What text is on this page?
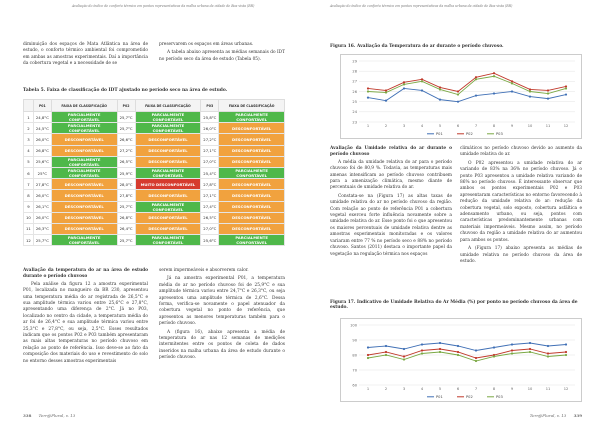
Avaliação do índice de conforto térmico em pontos representativos da malha urbana da cidade de Boa vista (RR)

diminuição dos espaços de Mata Atlântica na área de estudo, o conforto térmico ambiental foi comprometido em ambas as amostras experimentais. Daí a importância da cobertura vegetal e a necessidade de se

preservarem os espaços em áreas urbanas.

A tabela abaixo apresenta as médias semanais do IDT no período seco da área de estudo (Tabela 05).

Tabela 5. Faixa de classificação do IDT ajustado no período seco na área de estudo.
	P01	FAIXA DE CLASSIFICAÇÃO	P02	FAIXA DE CLASSIFICAÇÃO	P03	FAIXA DE CLASSIFICAÇÃO
1	24,8°C	PARCIALMENTE CONFORTÁVEL	25,7°C	PARCIALMENTE CONFORTÁVEL	25,8°C	PARCIALMENTE CONFORTÁVEL
2	24,5°C	PARCIALMENTE CONFORTÁVEL	25,7°C	PARCIALMENTE CONFORTÁVEL	26,0°C	DESCONFORTÁVEL
3	26,0°C	DESCONFORTÁVEL	26,6°C	DESCONFORTÁVEL	27,2°C	DESCONFORTÁVEL
4	26,8°C	DESCONFORTÁVEL	27,2°C	DESCONFORTÁVEL	27,1°C	DESCONFORTÁVEL
5	25,6°C	PARCIALMENTE CONFORTÁVEL	26,5°C	DESCONFORTÁVEL	27,0°C	DESCONFORTÁVEL
6	25°C	PARCIALMENTE CONFORTÁVEL	25,9°C	PARCIALMENTE CONFORTÁVEL	25,4°C	PARCIALMENTE CONFORTÁVEL
7	27,8°C	DESCONFORTÁVEL	28,0°C	MUITO DESCONFORTÁVEL	27,8°C	DESCONFORTÁVEL
8	26,0°C	DESCONFORTÁVEL	27,8°C	DESCONFORTÁVEL	27,1°C	DESCONFORTÁVEL
9	26,1°C	DESCONFORTÁVEL	25,7°C	PARCIALMENTE CONFORTÁVEL	27,4°C	DESCONFORTÁVEL
10	26,0°C	DESCONFORTÁVEL	26,8°C	DESCONFORTÁVEL	26,5°C	DESCONFORTÁVEL
11	26,3°C	DESCONFORTÁVEL	26,4°C	DESCONFORTÁVEL	27,0°C	DESCONFORTÁVEL
12	25,7°C	PARCIALMENTE CONFORTÁVEL	25,7°C	PARCIALMENTE CONFORTÁVEL	25,6°C	PARCIALMENTE CONFORTÁVEL
Avaliação da temperatura do ar na área de estudo durante o período chuvoso

Pela análise da figura 12 a amostra experimental P01, localizada no mangueiro da BR 230, apresentou uma temperatura média do ar registrada de 26,5°C e sua amplitude térmica variou entre 25,6°C e 27,8°C, apresentando uma diferença de 2°C. Já no P03, localizado no centro da cidade, a temperatura média do ar foi de 26,4°C e sua amplitude térmica variou entre 25,3°C e 27,8°C, ou seja, 2,5°C. Esses resultados indicam que os pontos P02 e P03 também apresentaram as mais altas temperaturas no período chuvoso em relação ao ponto de referência. Isso deve-se ao fato da composição dos materiais do uso e revestimento do solo no entorno desses amostras experimentais

serem impermeáveis e absorverem calor.

Já na amostra experimental P01, a temperatura média do ar no período chuvoso foi de 25,9°C e sua amplitude térmica variou entre 24,7°C e 26,3°C, ou seja apresentou uma amplitude térmica de 2,6°C. Dessa forma, verifica-se novamente o papel atenuador da cobertura vegetal no ponto de referência, que apresentou as menores temperaturas também para o período chuvoso.

A (figura 16), abaixo apresenta a média de temperatura do ar nas 12 semanas de medições intermitentes entre os pontos de coleta de dados inseridos na malha urbana da área de estudo durante o período chuvoso.

338 Terr@Plural, v. 13
Avaliação do índice de conforto térmico em pontos representativos da malha urbana da cidade de Boa vista (RR)
Figura 16. Avaliação da Temperatura do ar durante o período chuvoso.
23
24
25
26
27
28
29
1	2	3	4	5	6	7	8	9	10	11	12
P01	P02	P03
Avaliação da Umidade relativa do ar durante o período chuvoso

A média da umidade relativa do ar para o período chuvoso foi de 80,9 %. Todavia, as temperaturas mais amenas intensificam ao período chuvoso contribuem para a amenização climática, mesmo diante de percentuais de umidade relativa do ar.

Constata-se na (Figura 17) as altas taxas de umidade relativa do ar no período chuvoso da região. Com relação ao ponto de referência P01 a cobertura vegetal exerceu forte influência novamente sobre a umidade relativa do ar. Esse ponto foi o que apresentou os maiores percentuais de umidade relativa dentre as amostras experimentais monitoradas e os valores variaram entre 77 % no período seco e 88% no período chuvoso. Santos (2011) destaca o importante papel da vegetação na regulação térmica nos espaços

climáticos no período chuvoso devido ao aumento da umidade relativa do ar.

O P02 apresentou a umidade relativa do ar variando de 83% na 36% no período chuvoso. Já o ponto P03 apresentou a umidade relativa variando de 86% no período chuvoso. É interessante observar que ambos os pontos experimentais P02 e P03 apresentaram características no entorno favorecendo à redução da umidade relativa do ar: redução da cobertura vegetal, solo exposto, cobertura asfáltica e adensamento urbano, ou seja, pontos com características predominantemente urbanas com materiais impermeáveis. Mesmo assim, no período chuvoso da região a umidade relativa do ar aumentou para ambos os pontos.

A (Figura 17) abaixo apresenta as médias de umidade relativa no período chuvoso da área de estudo.

Figura 17. Indicativo de Umidade Relativa do Ar Média (%) por ponto no período chuvoso da área de estudo.
60
70
80
90
100
1	2	3	4	5	6	7	8	9	10	11	12
P01	P02	P03
Terr@Plural, v. 13 339
